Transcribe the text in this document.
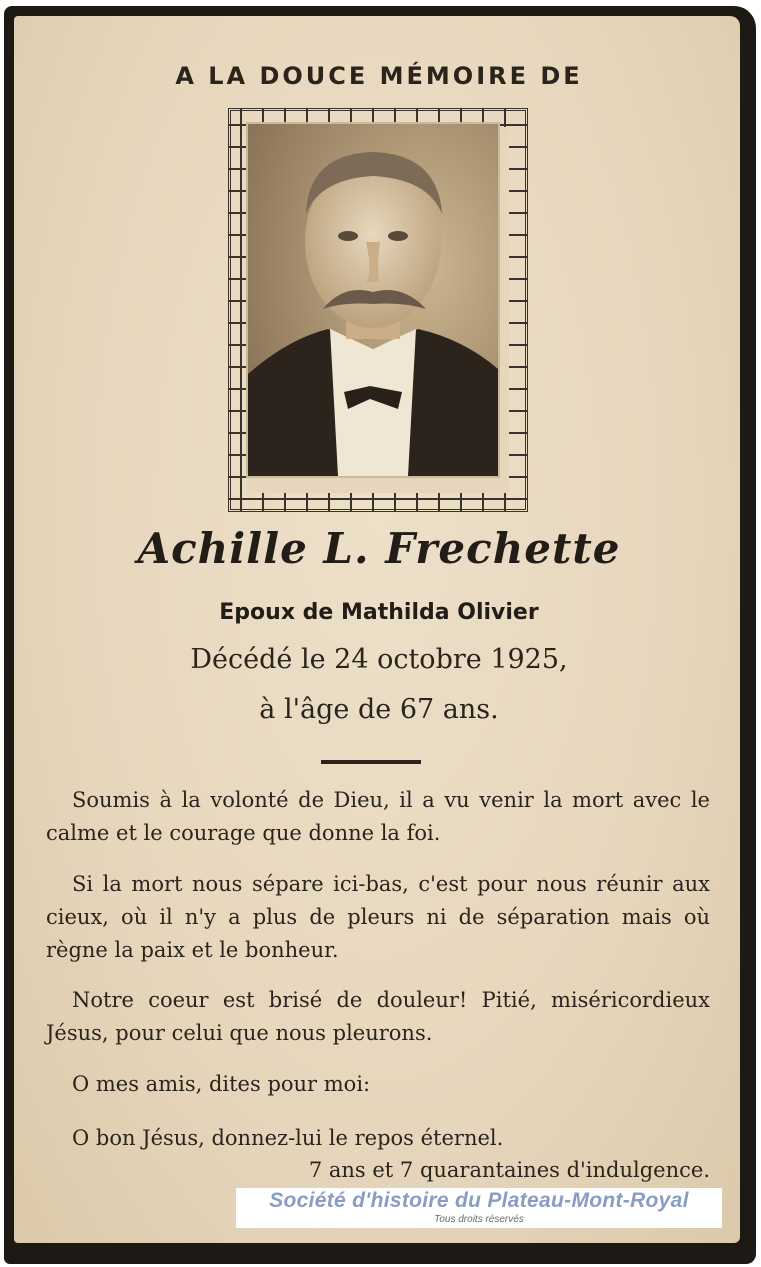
A LA DOUCE MÉMOIRE DE
Achille L. Frechette
Epoux de Mathilda Olivier
Décédé le 24 octobre 1925,
à l'âge de 67 ans.
Soumis à la volonté de Dieu, il a vu venir la mort avec le calme et le courage que donne la foi.
Si la mort nous sépare ici-bas, c'est pour nous réunir aux cieux, où il n'y a plus de pleurs ni de séparation mais où règne la paix et le bonheur.
Notre coeur est brisé de douleur! Pitié, miséricordieux Jésus, pour celui que nous pleurons.
O mes amis, dites pour moi:
O bon Jésus, donnez-lui le repos éternel.
7 ans et 7 quarantaines d'indulgence.
Société d'histoire du Plateau-Mont-Royal
Tous droits réservés
